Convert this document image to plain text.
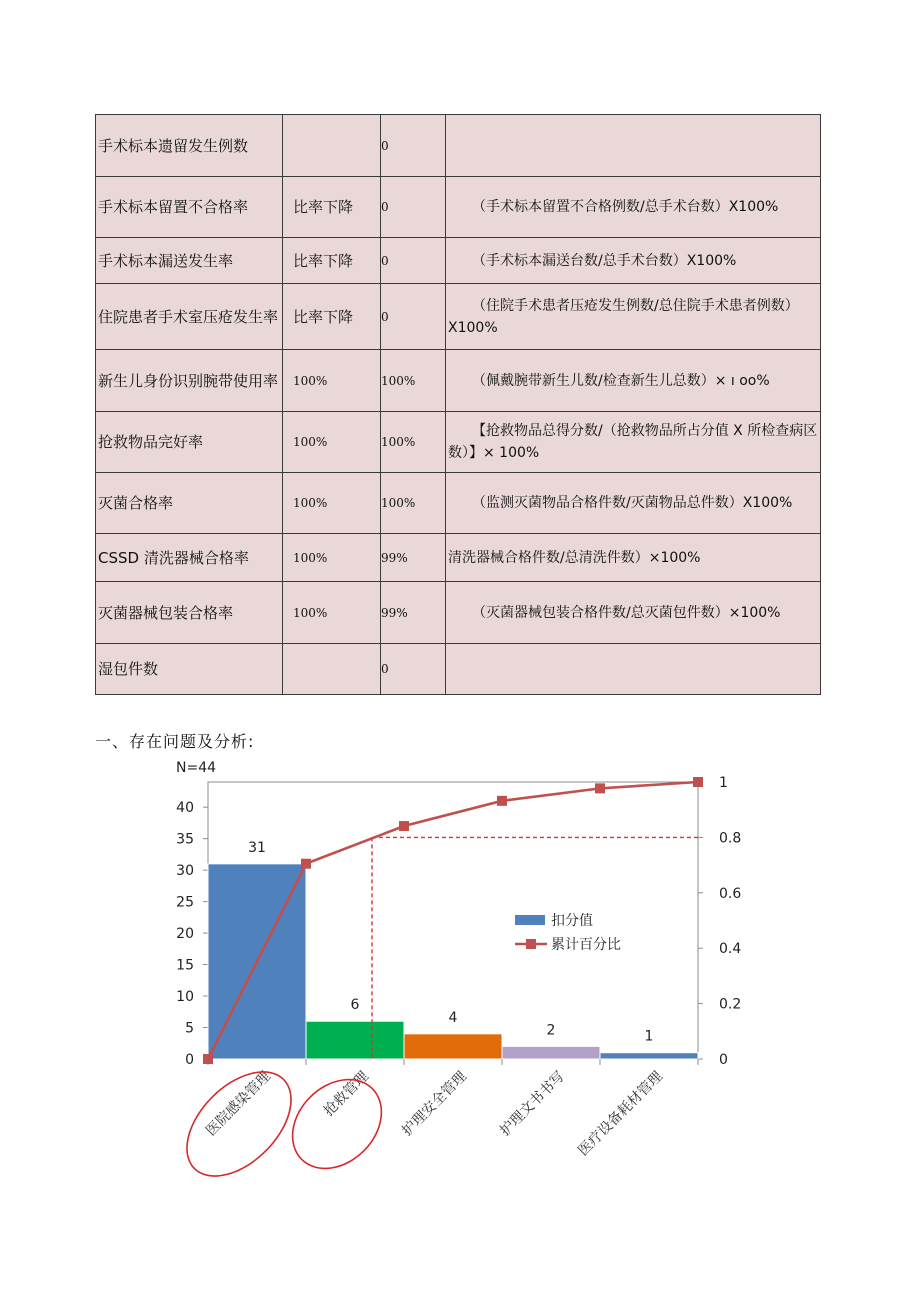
手术标本遗留发生例数		0	
手术标本留置不合格率	比率下降	0	（手术标本留置不合格例数/总手术台数）X100%
手术标本漏送发生率	比率下降	0	（手术标本漏送台数/总手术台数）X100%
住院患者手术室压疮发生率	比率下降	0	（住院手术患者压疮发生例数/总住院手术患者例数）X100%
新生儿身份识别腕带使用率	100%	100%	（佩戴腕带新生儿数/检查新生儿总数）× ı oo%
抢救物品完好率	100%	100%	【抢救物品总得分数/（抢救物品所占分值 X 所检查病区数）】× 100%
灭菌合格率	100%	100%	（监测灭菌物品合格件数/灭菌物品总件数）X100%
CSSD 清洗器械合格率	100%	99%	清洗器械合格件数/总清洗件数）×100%
灭菌器械包装合格率	100%	99%	（灭菌器械包装合格件数/总灭菌包件数）×100%
湿包件数		0	
一、存在问题及分析:
N=44
0
5
10
15
20
25
30
35
40
0
0.2
0.4
0.6
0.8
1
31
6
4
2	1
扣分值
累计百分比
医院感染管理	抢救管理 护理安全管理 护理文书书写 医疗设备耗材管理
